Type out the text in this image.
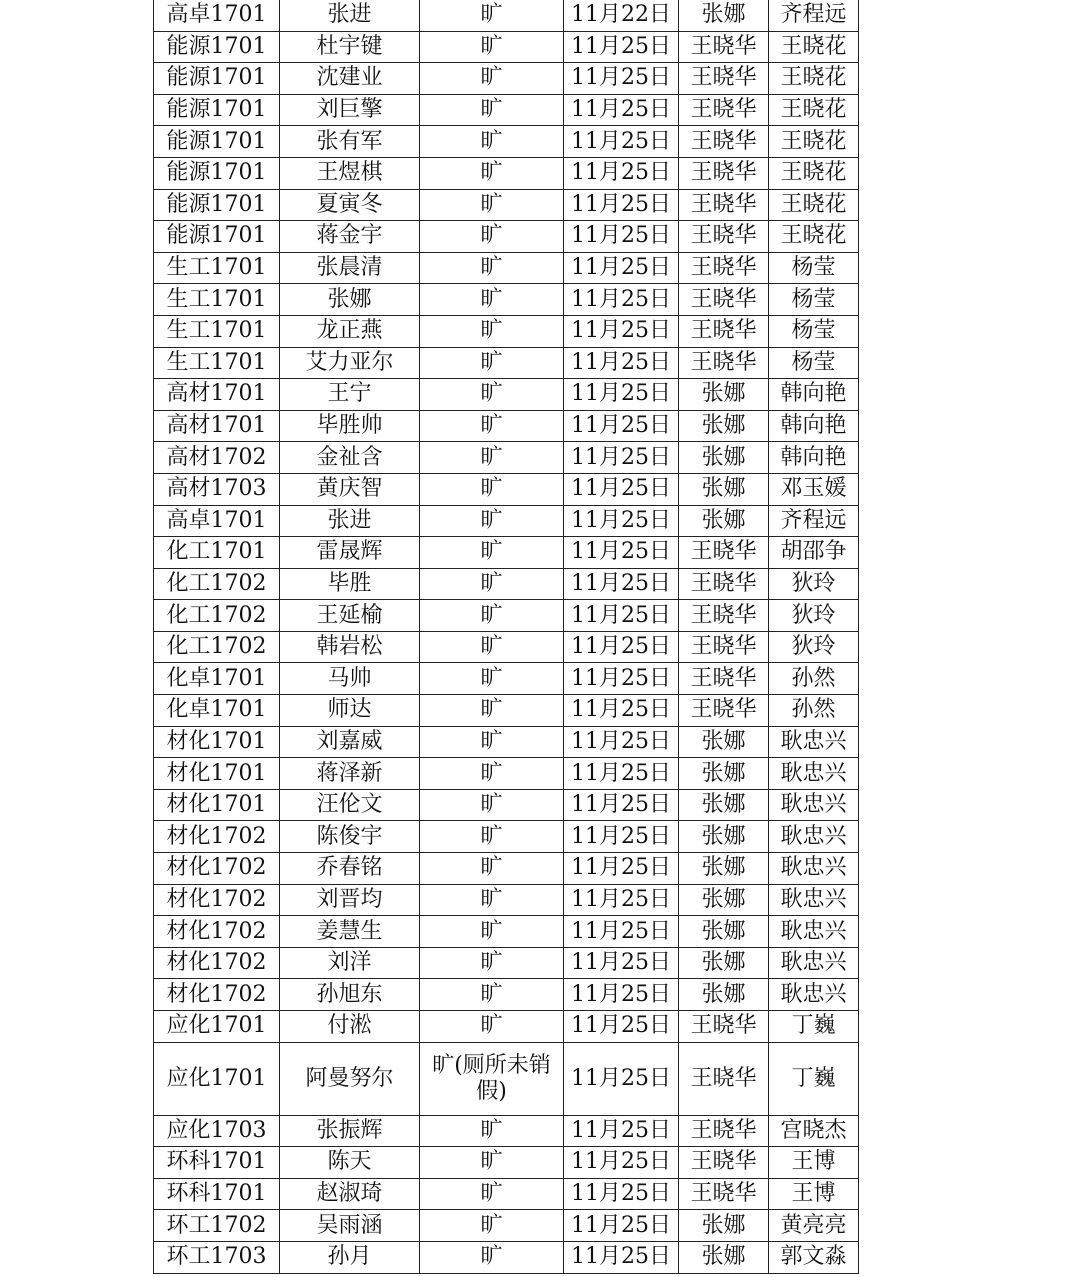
高卓1701	张进	旷	11月22日	张娜	齐程远
能源1701	杜宇键	旷	11月25日	王晓华	王晓花
能源1701	沈建业	旷	11月25日	王晓华	王晓花
能源1701	刘巨擎	旷	11月25日	王晓华	王晓花
能源1701	张有军	旷	11月25日	王晓华	王晓花
能源1701	王煜棋	旷	11月25日	王晓华	王晓花
能源1701	夏寅冬	旷	11月25日	王晓华	王晓花
能源1701	蒋金宇	旷	11月25日	王晓华	王晓花
生工1701	张晨清	旷	11月25日	王晓华	杨莹
生工1701	张娜	旷	11月25日	王晓华	杨莹
生工1701	龙正燕	旷	11月25日	王晓华	杨莹
生工1701	艾力亚尔	旷	11月25日	王晓华	杨莹
高材1701	王宁	旷	11月25日	张娜	韩向艳
高材1701	毕胜帅	旷	11月25日	张娜	韩向艳
高材1702	金祉含	旷	11月25日	张娜	韩向艳
高材1703	黄庆智	旷	11月25日	张娜	邓玉媛
高卓1701	张进	旷	11月25日	张娜	齐程远
化工1701	雷晟辉	旷	11月25日	王晓华	胡邵争
化工1702	毕胜	旷	11月25日	王晓华	狄玲
化工1702	王延榆	旷	11月25日	王晓华	狄玲
化工1702	韩岩松	旷	11月25日	王晓华	狄玲
化卓1701	马帅	旷	11月25日	王晓华	孙然
化卓1701	师达	旷	11月25日	王晓华	孙然
材化1701	刘嘉威	旷	11月25日	张娜	耿忠兴
材化1701	蒋泽新	旷	11月25日	张娜	耿忠兴
材化1701	汪伦文	旷	11月25日	张娜	耿忠兴
材化1702	陈俊宇	旷	11月25日	张娜	耿忠兴
材化1702	乔春铭	旷	11月25日	张娜	耿忠兴
材化1702	刘晋均	旷	11月25日	张娜	耿忠兴
材化1702	姜慧生	旷	11月25日	张娜	耿忠兴
材化1702	刘洋	旷	11月25日	张娜	耿忠兴
材化1702	孙旭东	旷	11月25日	张娜	耿忠兴
应化1701	付淞	旷	11月25日	王晓华	丁巍
应化1701	阿曼努尔	旷(厕所未销假)	11月25日	王晓华	丁巍
应化1703	张振辉	旷	11月25日	王晓华	宫晓杰
环科1701	陈天	旷	11月25日	王晓华	王博
环科1701	赵淑琦	旷	11月25日	王晓华	王博
环工1702	吴雨涵	旷	11月25日	张娜	黄亮亮
环工1703	孙月	旷	11月25日	张娜	郭文淼
